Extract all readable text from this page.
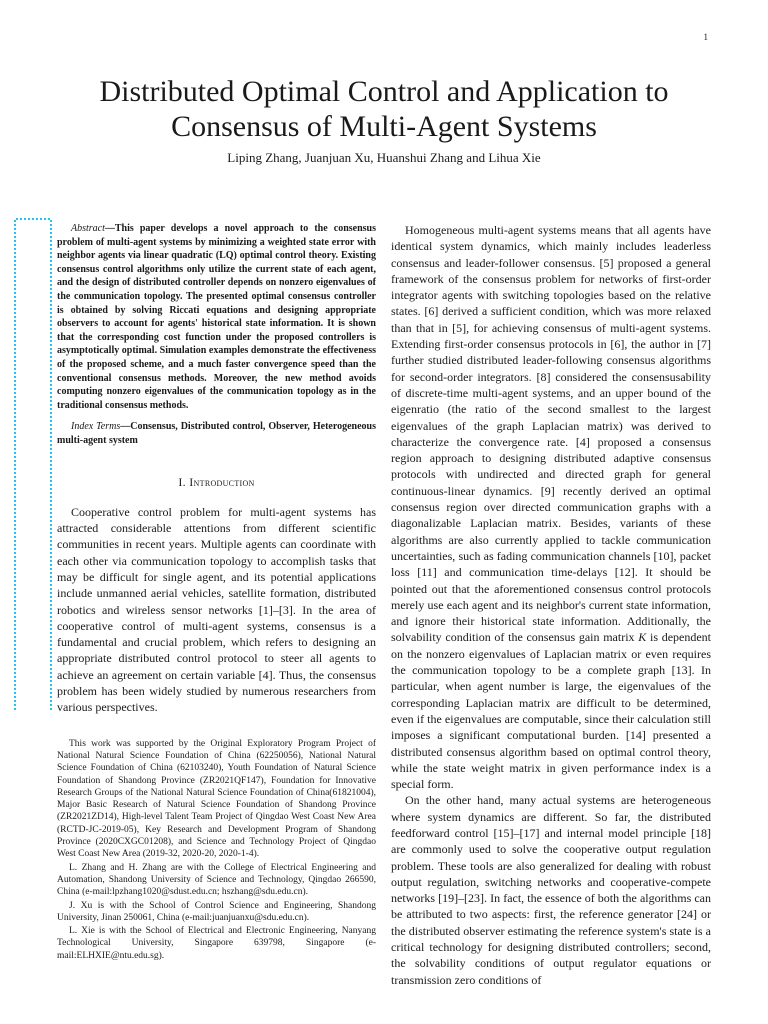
1
Distributed Optimal Control and Application to
Consensus of Multi-Agent Systems
Liping Zhang, Juanjuan Xu, Huanshui Zhang and Lihua Xie

Abstract—This paper develops a novel approach to the consensus problem of multi-agent systems by minimizing a weighted state error with neighbor agents via linear quadratic (LQ) optimal control theory. Existing consensus control algorithms only utilize the current state of each agent, and the design of distributed controller depends on nonzero eigenvalues of the communication topology. The presented optimal consensus controller is obtained by solving Riccati equations and designing appropriate observers to account for agents' historical state information. It is shown that the corresponding cost function under the proposed controllers is asymptotically optimal. Simulation examples demonstrate the effectiveness of the proposed scheme, and a much faster convergence speed than the conventional consensus methods. Moreover, the new method avoids computing nonzero eigenvalues of the communication topology as in the traditional consensus methods.

Index Terms—Consensus, Distributed control, Observer, Heterogeneous multi-agent system

I. Introduction

Cooperative control problem for multi-agent systems has attracted considerable attentions from different scientific communities in recent years. Multiple agents can coordinate with each other via communication topology to accomplish tasks that may be difficult for single agent, and its potential applications include unmanned aerial vehicles, satellite formation, distributed robotics and wireless sensor networks [1]–[3]. In the area of cooperative control of multi-agent systems, consensus is a fundamental and crucial problem, which refers to designing an appropriate distributed control protocol to steer all agents to achieve an agreement on certain variable [4]. Thus, the consensus problem has been widely studied by numerous researchers from various perspectives.

This work was supported by the Original Exploratory Program Project of National Natural Science Foundation of China (62250056), National Natural Science Foundation of China (62103240), Youth Foundation of Natural Science Foundation of Shandong Province (ZR2021QF147), Foundation for Innovative Research Groups of the National Natural Science Foundation of China(61821004), Major Basic Research of Natural Science Foundation of Shandong Province (ZR2021ZD14), High-level Talent Team Project of Qingdao West Coast New Area (RCTD-JC-2019-05), Key Research and Development Program of Shandong Province (2020CXGC01208), and Science and Technology Project of Qingdao West Coast New Area (2019-32, 2020-20, 2020-1-4).

L. Zhang and H. Zhang are with the College of Electrical Engineering and Automation, Shandong University of Science and Technology, Qingdao 266590, China (e-mail:lpzhang1020@sdust.edu.cn; hszhang@sdu.edu.cn).

J. Xu is with the School of Control Science and Engineering, Shandong University, Jinan 250061, China (e-mail:juanjuanxu@sdu.edu.cn).

L. Xie is with the School of Electrical and Electronic Engineering, Nanyang Technological University, Singapore 639798, Singapore (e-mail:ELHXIE@ntu.edu.sg).

Homogeneous multi-agent systems means that all agents have identical system dynamics, which mainly includes leaderless consensus and leader-follower consensus. [5] proposed a general framework of the consensus problem for networks of first-order integrator agents with switching topologies based on the relative states. [6] derived a sufficient condition, which was more relaxed than that in [5], for achieving consensus of multi-agent systems. Extending first-order consensus protocols in [6], the author in [7] further studied distributed leader-following consensus algorithms for second-order integrators. [8] considered the consensusability of discrete-time multi-agent systems, and an upper bound of the eigenratio (the ratio of the second smallest to the largest eigenvalues of the graph Laplacian matrix) was derived to characterize the convergence rate. [4] proposed a consensus region approach to designing distributed adaptive consensus protocols with undirected and directed graph for general continuous-linear dynamics. [9] recently derived an optimal consensus region over directed communication graphs with a diagonalizable Laplacian matrix. Besides, variants of these algorithms are also currently applied to tackle communication uncertainties, such as fading communication channels [10], packet loss [11] and communication time-delays [12]. It should be pointed out that the aforementioned consensus control protocols merely use each agent and its neighbor's current state information, and ignore their historical state information. Additionally, the solvability condition of the consensus gain matrix K is dependent on the nonzero eigenvalues of Laplacian matrix or even requires the communication topology to be a complete graph [13]. In particular, when agent number is large, the eigenvalues of the corresponding Laplacian matrix are difficult to be determined, even if the eigenvalues are computable, since their calculation still imposes a significant computational burden. [14] presented a distributed consensus algorithm based on optimal control theory, while the state weight matrix in given performance index is a special form.

On the other hand, many actual systems are heterogeneous where system dynamics are different. So far, the distributed feedforward control [15]–[17] and internal model principle [18] are commonly used to solve the cooperative output regulation problem. These tools are also generalized for dealing with robust output regulation, switching networks and cooperative-compete networks [19]–[23]. In fact, the essence of both the algorithms can be attributed to two aspects: first, the reference generator [24] or the distributed observer estimating the reference system's state is a critical technology for designing distributed controllers; second, the solvability conditions of output regulator equations or transmission zero conditions of
